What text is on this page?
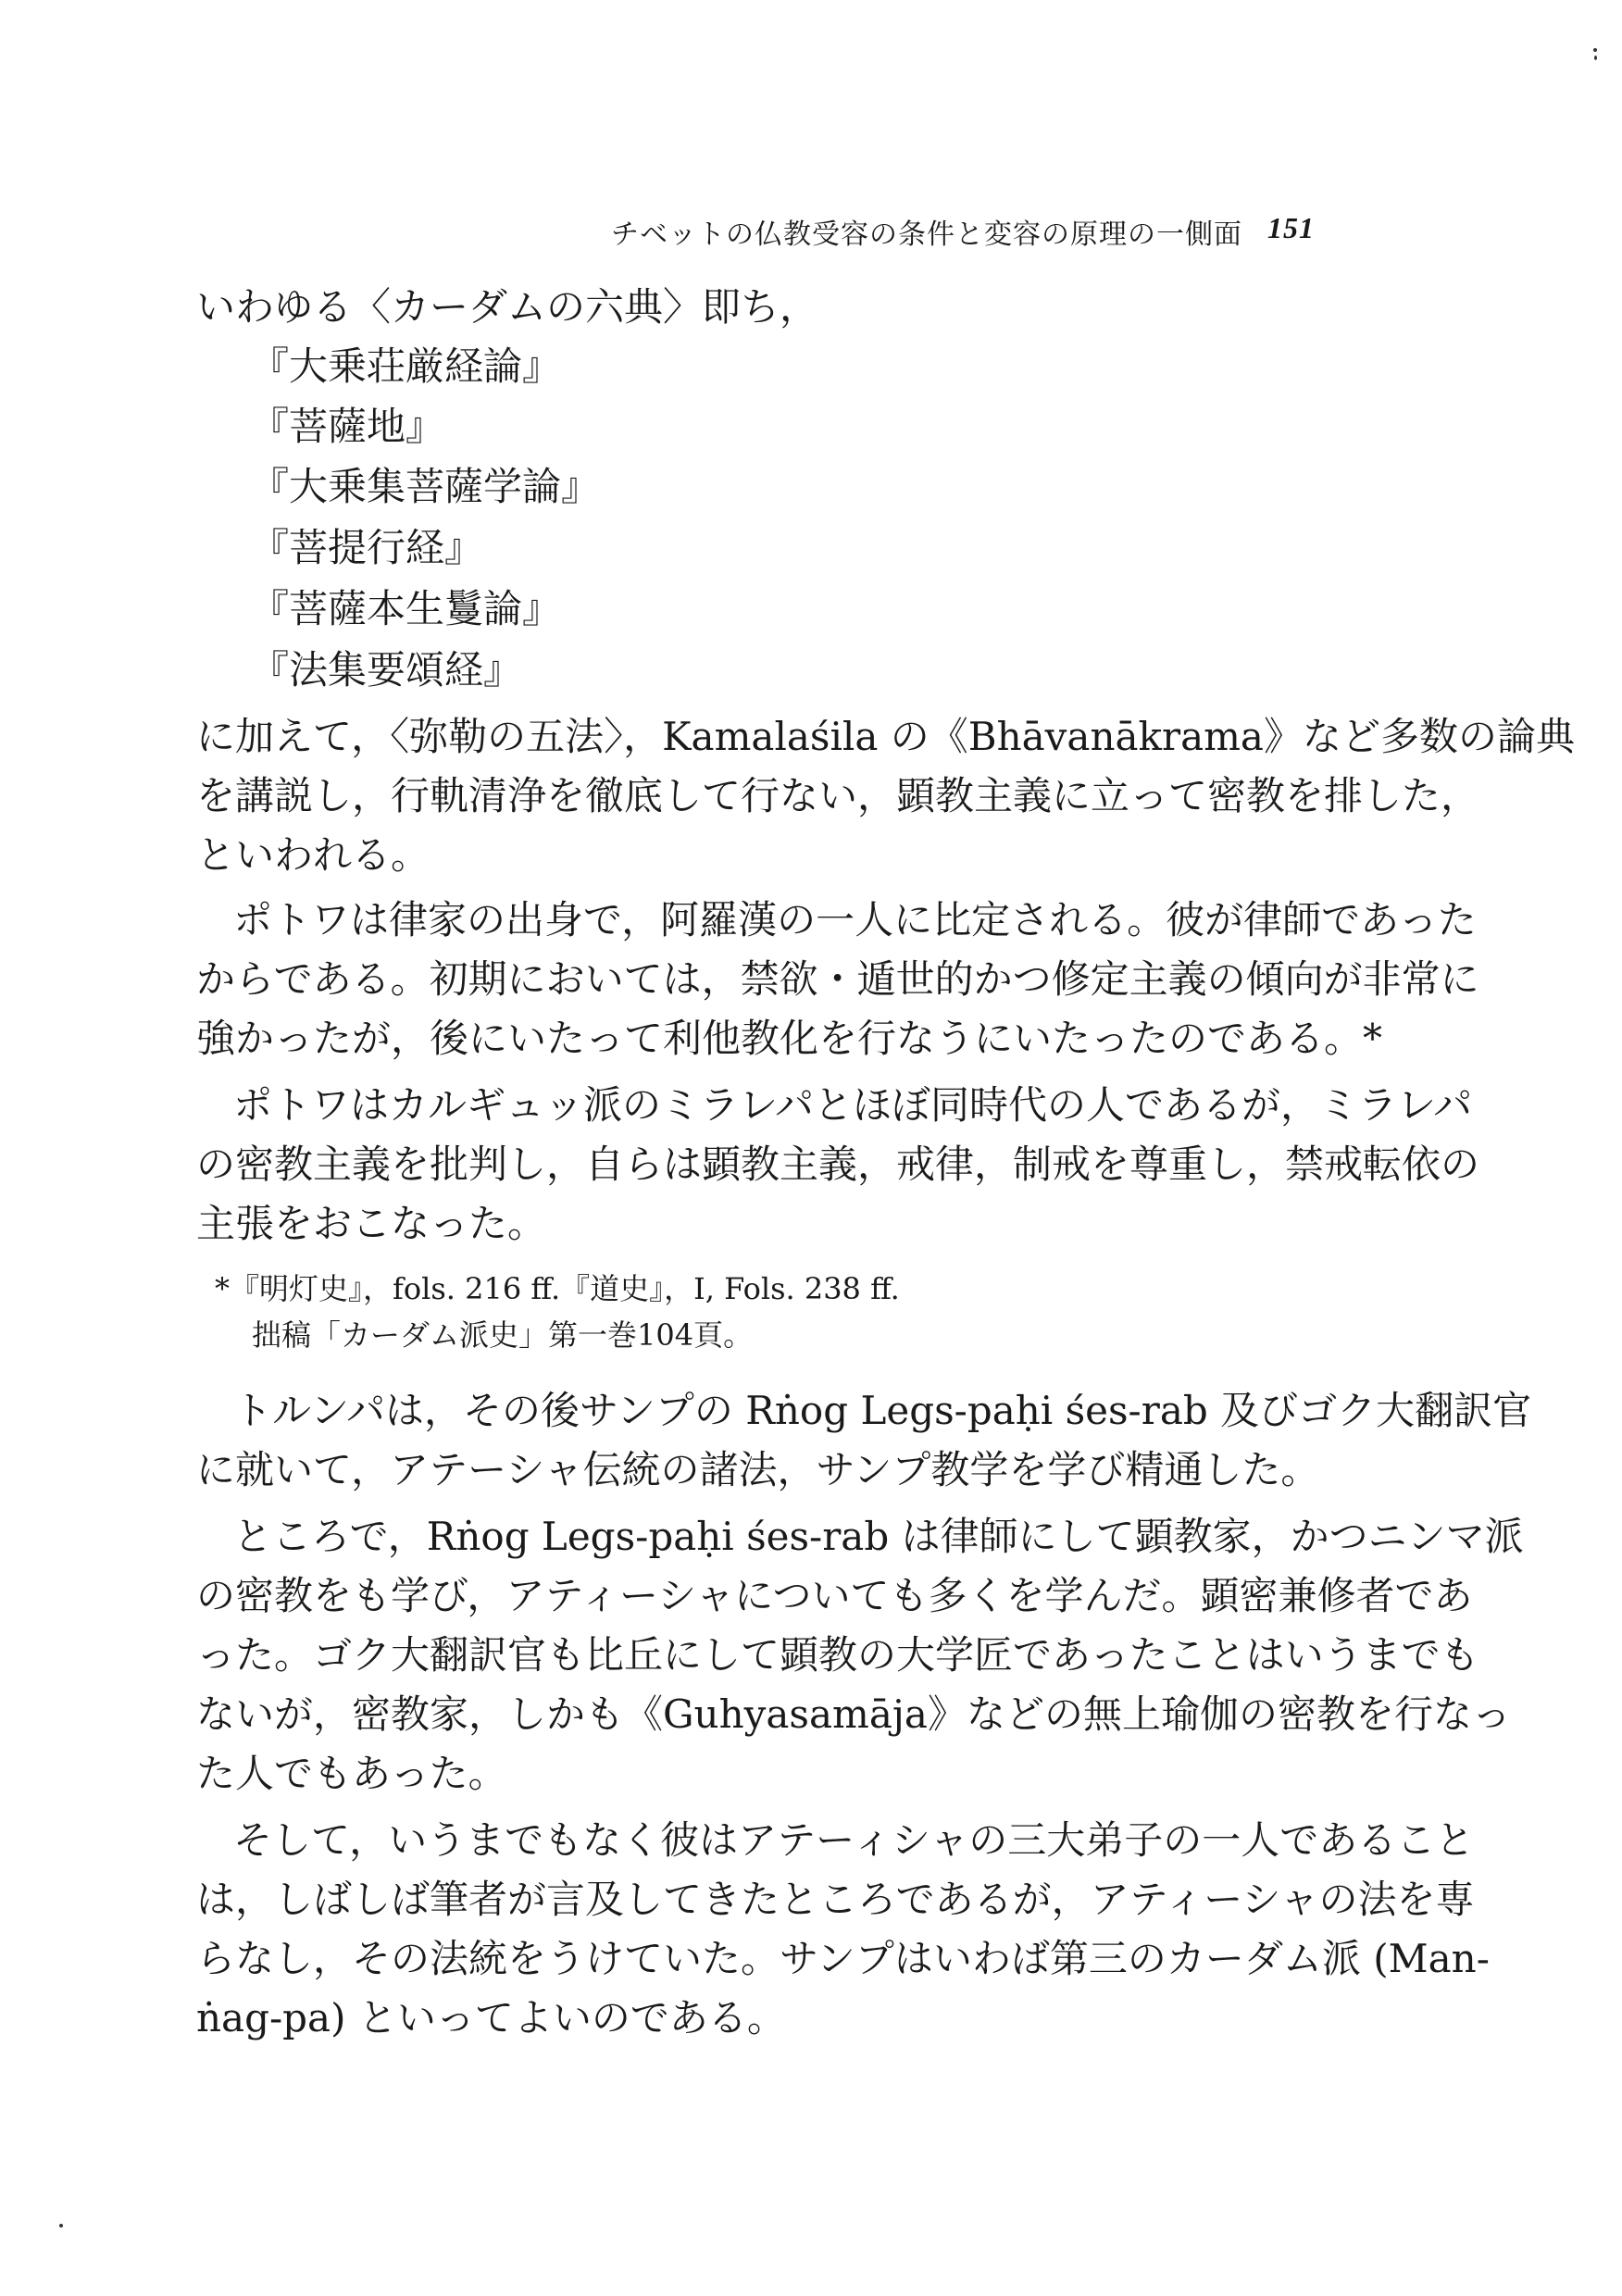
チベットの仏教受容の条件と変容の原理の一側面 151
いわゆる〈カーダムの六典〉即ち，
『大乗荘厳経論』
『菩薩地』
『大乗集菩薩学論』
『菩提行経』
『菩薩本生鬘論』
『法集要頌経』
に加えて，〈弥勒の五法〉，Kamalaśila の《Bhāvanākrama》など多数の論典
を講説し，行軌清浄を徹底して行ない，顕教主義に立って密教を排した，
といわれる。
ポトワは律家の出身で，阿羅漢の一人に比定される。彼が律師であった
からである。初期においては，禁欲・遁世的かつ修定主義の傾向が非常に
強かったが，後にいたって利他教化を行なうにいたったのである。*
ポトワはカルギュッ派のミラレパとほぼ同時代の人であるが，ミラレパ
の密教主義を批判し，自らは顕教主義，戒律，制戒を尊重し，禁戒転依の
主張をおこなった。
*『明灯史』，fols. 216 ff.『道史』，I, Fols. 238 ff.
拙稿「カーダム派史」第一巻104頁。
トルンパは，その後サンプの Rṅog Legs-paḥi śes-rab 及びゴク大翻訳官
に就いて，アテーシャ伝統の諸法，サンプ教学を学び精通した。
ところで，Rṅog Legs-paḥi śes-rab は律師にして顕教家，かつニンマ派
の密教をも学び，アティーシャについても多くを学んだ。顕密兼修者であ
った。ゴク大翻訳官も比丘にして顕教の大学匠であったことはいうまでも
ないが，密教家，しかも《Guhyasamāja》などの無上瑜伽の密教を行なっ
た人でもあった。
そして，いうまでもなく彼はアテーィシャの三大弟子の一人であること
は，しばしば筆者が言及してきたところであるが，アティーシャの法を専
らなし，その法統をうけていた。サンプはいわば第三のカーダム派 (Man-
ṅag-pa) といってよいのである。
